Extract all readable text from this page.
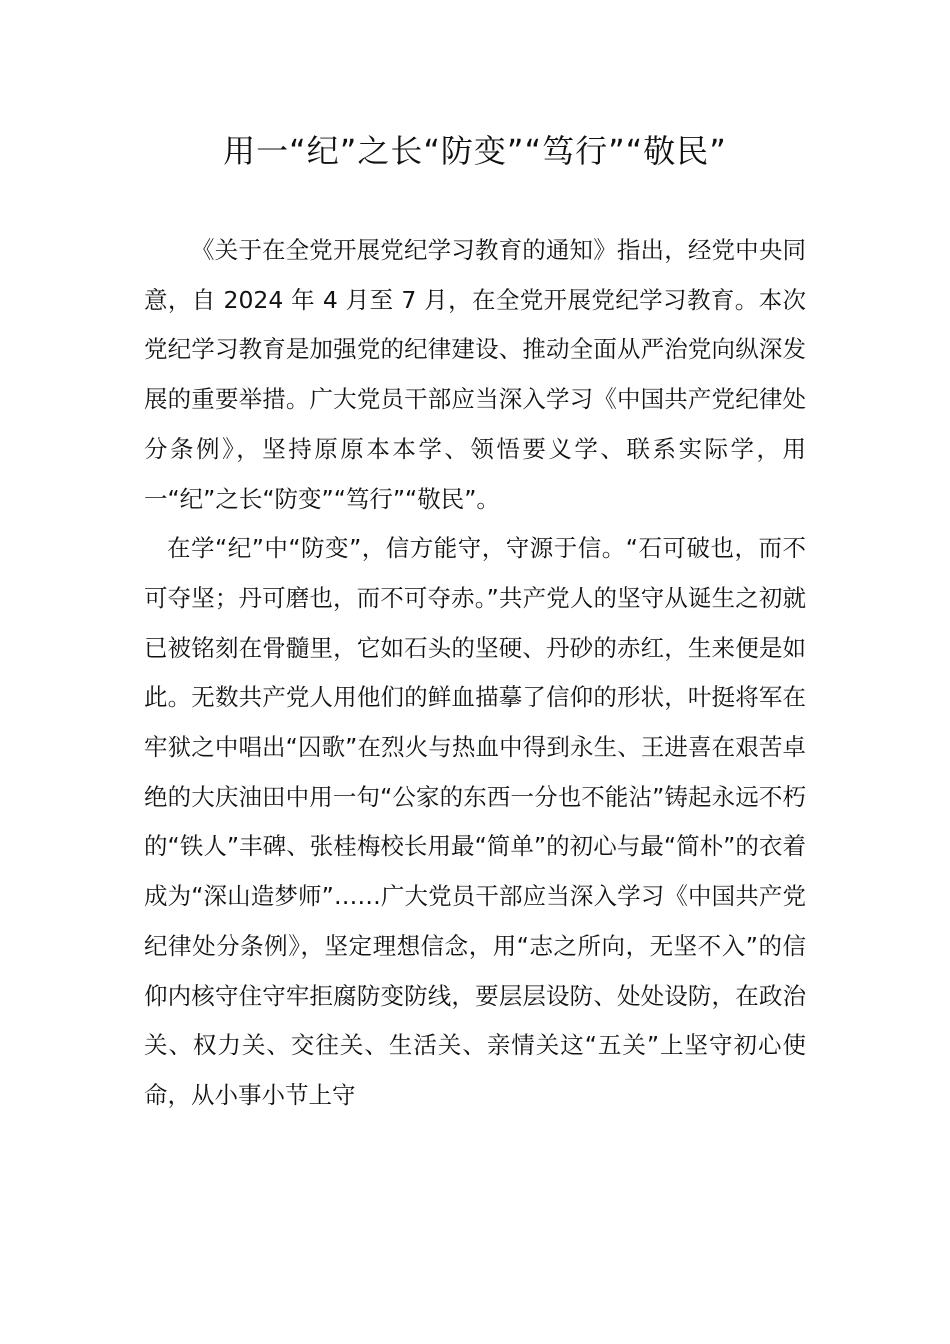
用一“纪”之长“防变”“笃行”“敬民”

《关于在全党开展党纪学习教育的通知》指出，经党中央同意，自 2024 年 4 月至 7 月，在全党开展党纪学习教育。本次党纪学习教育是加强党的纪律建设、推动全面从严治党向纵深发展的重要举措。广大党员干部应当深入学习《中国共产党纪律处分条例》，坚持原原本本学、领悟要义学、联系实际学，用一“纪”之长“防变”“笃行”“敬民”。

在学“纪”中“防变”，信方能守，守源于信。“石可破也，而不可夺坚；丹可磨也，而不可夺赤。”共产党人的坚守从诞生之初就已被铭刻在骨髓里，它如石头的坚硬、丹砂的赤红，生来便是如此。无数共产党人用他们的鲜血描摹了信仰的形状，叶挺将军在牢狱之中唱出“囚歌”在烈火与热血中得到永生、王进喜在艰苦卓绝的大庆油田中用一句“公家的东西一分也不能沾”铸起永远不朽的“铁人”丰碑、张桂梅校长用最“简单”的初心与最“简朴”的衣着成为“深山造梦师”……广大党员干部应当深入学习《中国共产党纪律处分条例》，坚定理想信念，用“志之所向，无坚不入”的信仰内核守住守牢拒腐防变防线，要层层设防、处处设防，在政治关、权力关、交往关、生活关、亲情关这“五关”上坚守初心使命，从小事小节上守
